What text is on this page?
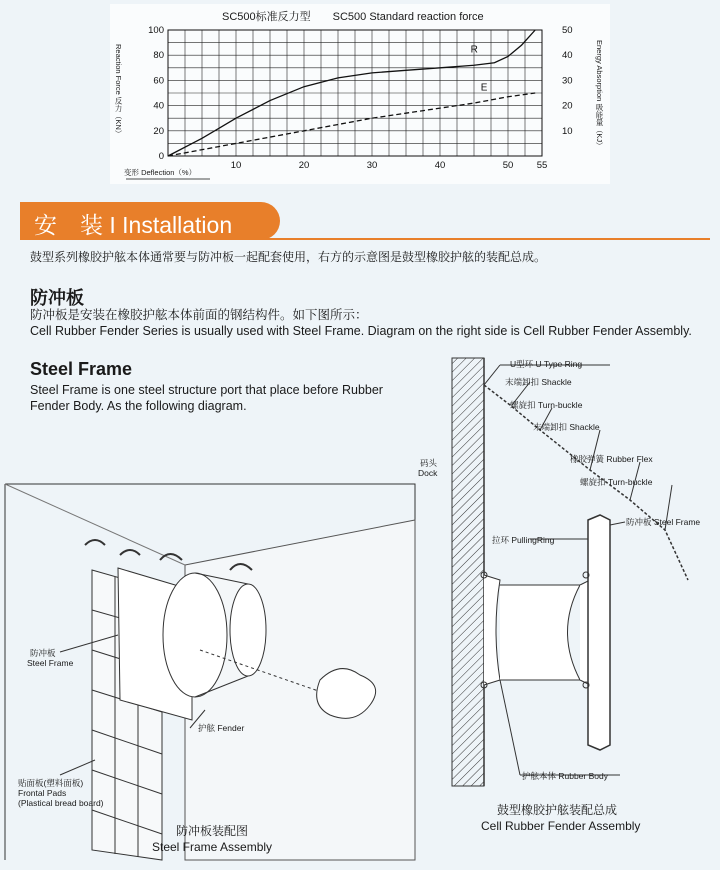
10	20	30	40	50 55
0
20
40
60
80
100
10
20
30
40
50
R
E
SC500标准反力型　　SC500 Standard reaction force
变形 Deflection（%）
Reaction Force 反力（KN）	Energy Absorption 吸能量（KJ）
安　装 I Installation
鼓型系列橡胶护舷本体通常要与防冲板一起配套使用，右方的示意图是鼓型橡胶护舷的装配总成。
防冲板
防冲板是安装在橡胶护舷本体前面的钢结构件。如下图所示：
Cell Rubber Fender Series is usually used with Steel Frame. Diagram on the right side is Cell Rubber Fender Assembly.
Steel Frame
Steel Frame is one steel structure port that place before Rubber
Fender Body. As the following diagram.
防冲板
Steel Frame
护舷 Fender
贴面板(塑料面板)
Frontal Pads
(Plastical bread board)
防冲板装配图
Steel Frame Assembly
U型环 U Type Ring
末端卸扣 Shackle
螺旋扣 Turn-buckle
末端卸扣 Shackle
橡胶弹簧 Rubber Flex
螺旋扣 Turn-buckle
码头
Dock
防冲板 Steel Frame
拉环 PullingRing
护舷本体 Rubber Body
鼓型橡胶护舷装配总成
Cell Rubber Fender Assembly
